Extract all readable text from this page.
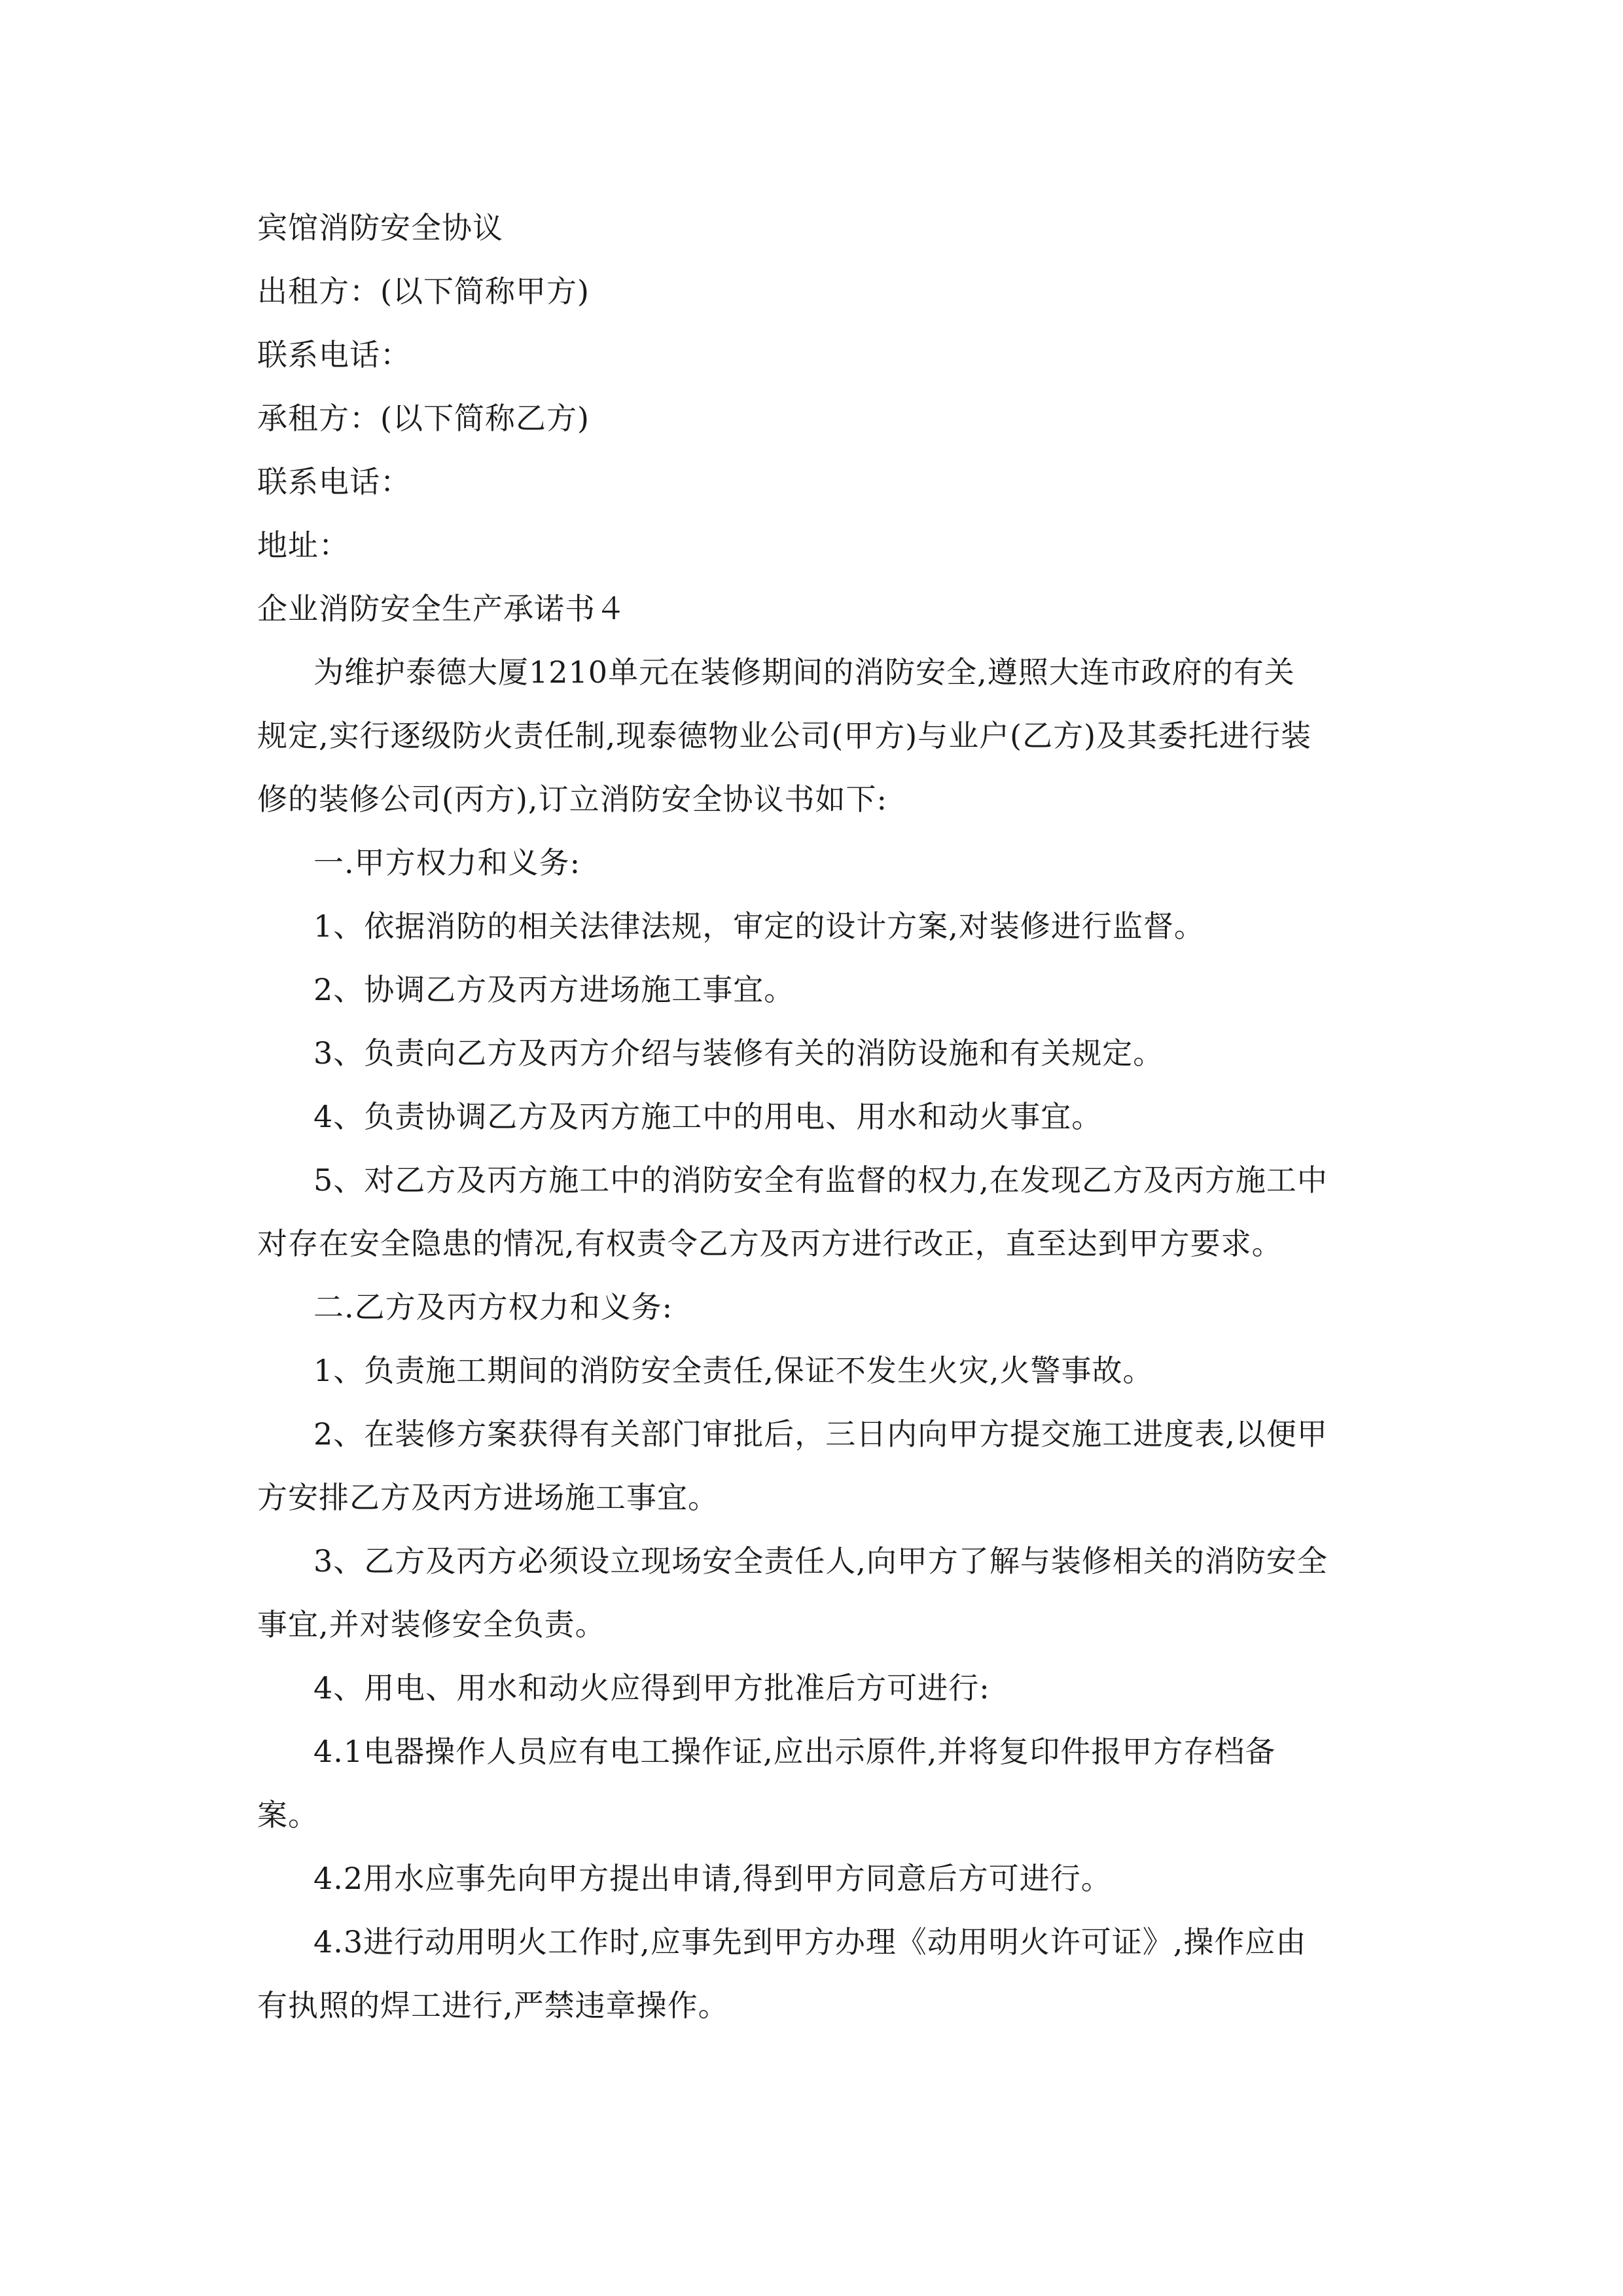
宾馆消防安全协议
出租方：(以下简称甲方)
联系电话：
承租方：(以下简称乙方)
联系电话：
地址：
企业消防安全生产承诺书４
为维护泰德大厦1210单元在装修期间的消防安全,遵照大连市政府的有关
规定,实行逐级防火责任制,现泰德物业公司(甲方)与业户(乙方)及其委托进行装
修的装修公司(丙方),订立消防安全协议书如下:
一.甲方权力和义务:
1、依据消防的相关法律法规，审定的设计方案,对装修进行监督。
2、协调乙方及丙方进场施工事宜。
3、负责向乙方及丙方介绍与装修有关的消防设施和有关规定。
4、负责协调乙方及丙方施工中的用电、用水和动火事宜。
5、对乙方及丙方施工中的消防安全有监督的权力,在发现乙方及丙方施工中
对存在安全隐患的情况,有权责令乙方及丙方进行改正，直至达到甲方要求。
二.乙方及丙方权力和义务:
1、负责施工期间的消防安全责任,保证不发生火灾,火警事故。
2、在装修方案获得有关部门审批后，三日内向甲方提交施工进度表,以便甲
方安排乙方及丙方进场施工事宜。
3、乙方及丙方必须设立现场安全责任人,向甲方了解与装修相关的消防安全
事宜,并对装修安全负责。
4、用电、用水和动火应得到甲方批准后方可进行:
4.1电器操作人员应有电工操作证,应出示原件,并将复印件报甲方存档备
案。
4.2用水应事先向甲方提出申请,得到甲方同意后方可进行。
4.3进行动用明火工作时,应事先到甲方办理《动用明火许可证》,操作应由
有执照的焊工进行,严禁违章操作。
